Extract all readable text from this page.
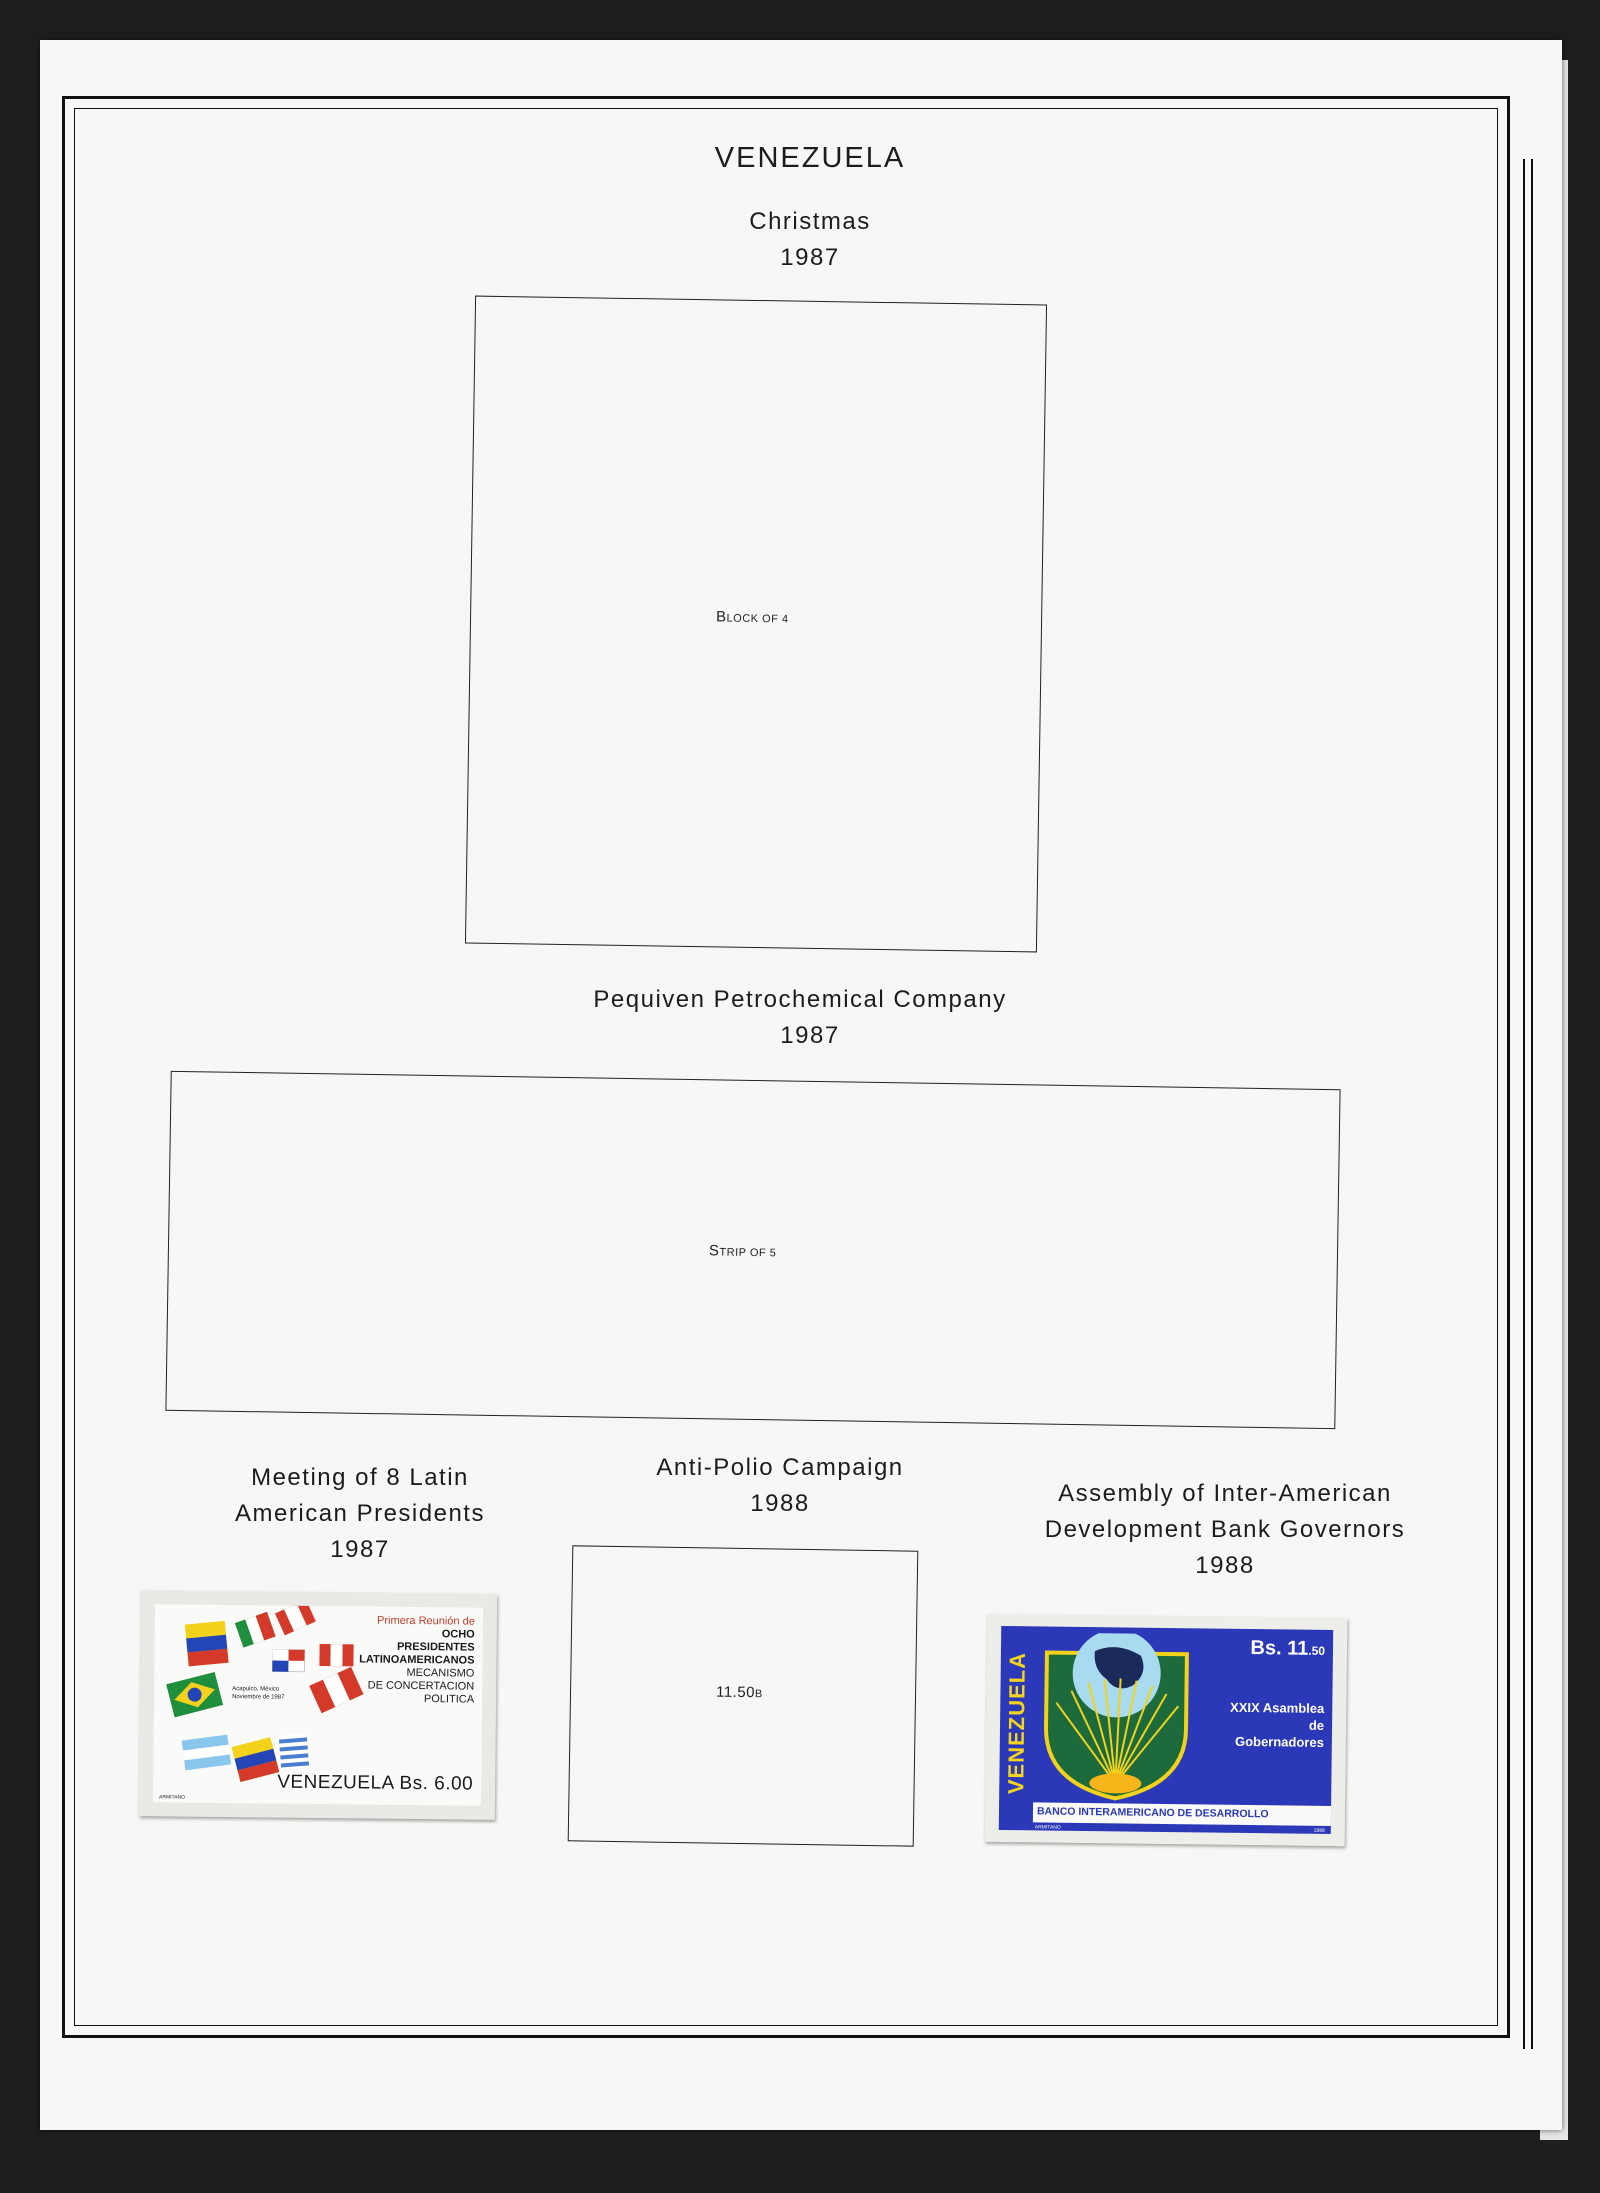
VENEZUELA
Christmas
1987
BLOCK OF 4
Pequiven Petrochemical Company
1987
STRIP OF 5
Meeting of 8 Latin
American Presidents
1987
Primera Reunión de
OCHO
PRESIDENTES
LATINOAMERICANOS
MECANISMO
DE CONCERTACION
POLITICA
Acapulco, México
Noviembre de 1987
VENEZUELA Bs. 6.00
ARMITANO
Anti-Polio Campaign
1988
11.50B
Assembly of Inter-American
Development Bank Governors
1988
VENEZUELA
Bs. 11.50
XXIX Asamblea
de
Gobernadores
BANCO INTERAMERICANO DE DESARROLLO
ARMITANO
1988
